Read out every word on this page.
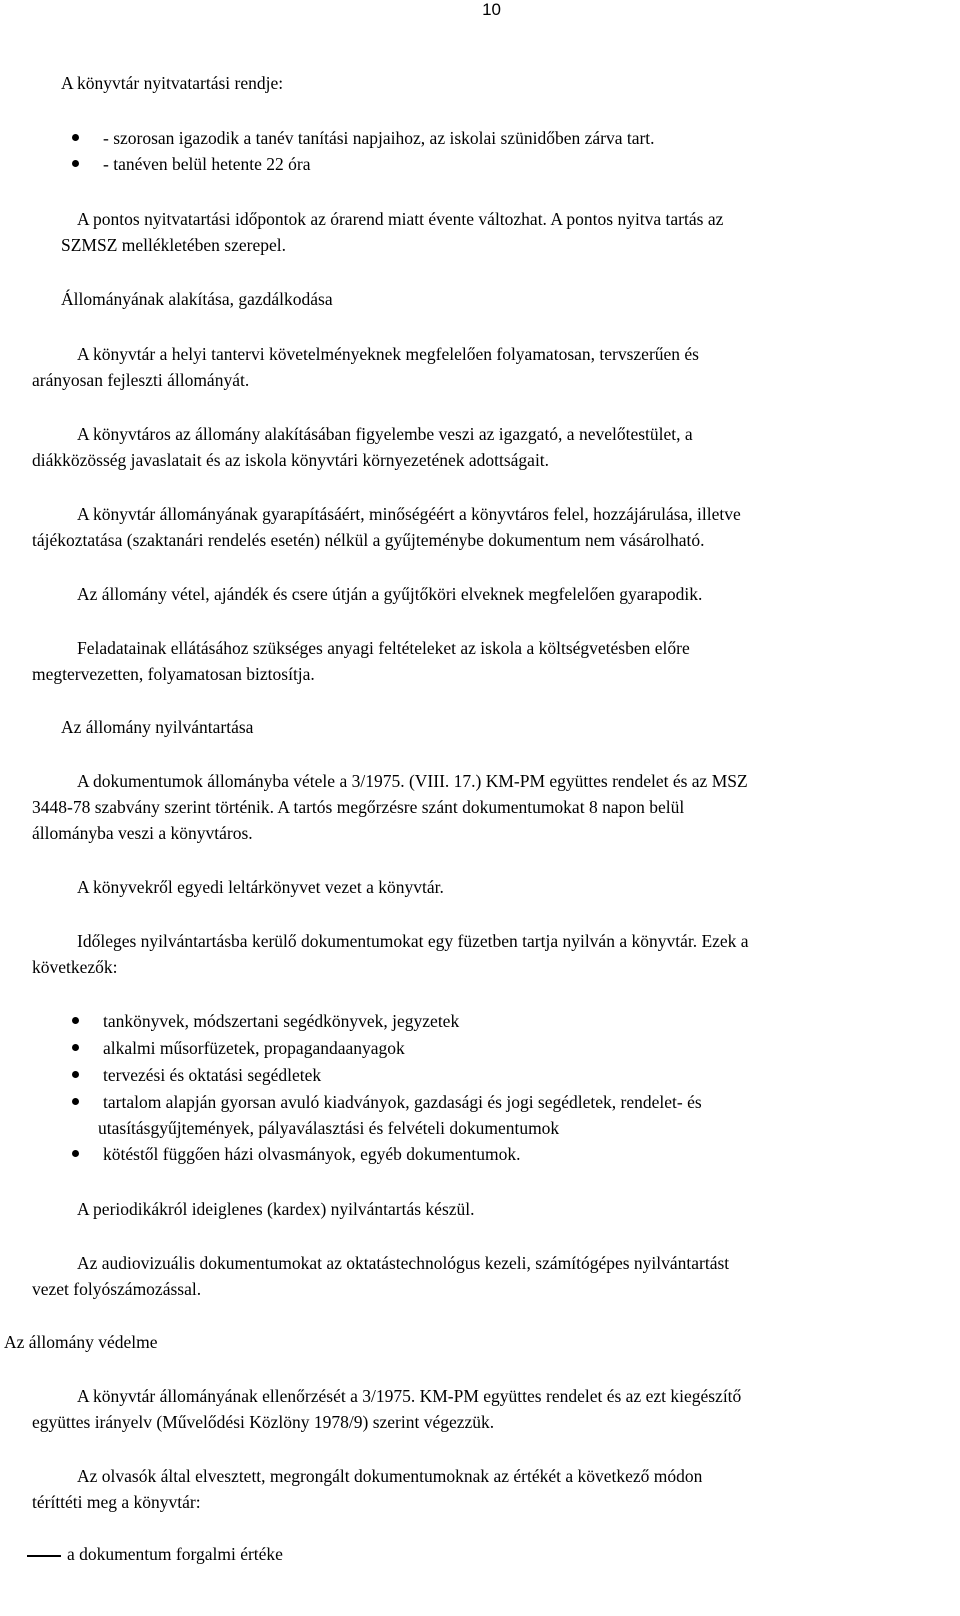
10
A könyvtár nyitvatartási rendje:
- szorosan igazodik a tanév tanítási napjaihoz, az iskolai szünidőben zárva tart.
- tanéven belül hetente 22 óra
A pontos nyitvatartási időpontok az órarend miatt évente változhat. A pontos nyitva tartás az
SZMSZ mellékletében szerepel.
Állományának alakítása, gazdálkodása
A könyvtár a helyi tantervi követelményeknek megfelelően folyamatosan, tervszerűen és
arányosan fejleszti állományát.
A könyvtáros az állomány alakításában figyelembe veszi az igazgató, a nevelőtestület, a
diákközösség javaslatait és az iskola könyvtári környezetének adottságait.
A könyvtár állományának gyarapításáért, minőségéért a könyvtáros felel, hozzájárulása, illetve
tájékoztatása (szaktanári rendelés esetén) nélkül a gyűjteménybe dokumentum nem vásárolható.
Az állomány vétel, ajándék és csere útján a gyűjtőköri elveknek megfelelően gyarapodik.
Feladatainak ellátásához szükséges anyagi feltételeket az iskola a költségvetésben előre
megtervezetten, folyamatosan biztosítja.
Az állomány nyilvántartása
A dokumentumok állományba vétele a 3/1975. (VIII. 17.) KM-PM együttes rendelet és az MSZ
3448-78 szabvány szerint történik. A tartós megőrzésre szánt dokumentumokat 8 napon belül
állományba veszi a könyvtáros.
A könyvekről egyedi leltárkönyvet vezet a könyvtár.
Időleges nyilvántartásba kerülő dokumentumokat egy füzetben tartja nyilván a könyvtár. Ezek a
következők:
tankönyvek, módszertani segédkönyvek, jegyzetek
alkalmi műsorfüzetek, propagandaanyagok
tervezési és oktatási segédletek
tartalom alapján gyorsan avuló kiadványok, gazdasági és jogi segédletek, rendelet- és
utasításgyűjtemények, pályaválasztási és felvételi dokumentumok
kötéstől függően házi olvasmányok, egyéb dokumentumok.
A periodikákról ideiglenes (kardex) nyilvántartás készül.
Az audiovizuális dokumentumokat az oktatástechnológus kezeli, számítógépes nyilvántartást
vezet folyószámozással.
Az állomány védelme
A könyvtár állományának ellenőrzését a 3/1975. KM-PM együttes rendelet és az ezt kiegészítő
együttes irányelv (Művelődési Közlöny 1978/9) szerint végezzük.
Az olvasók által elvesztett, megrongált dokumentumoknak az értékét a következő módon
téríttéti meg a könyvtár:
a dokumentum forgalmi értéke
